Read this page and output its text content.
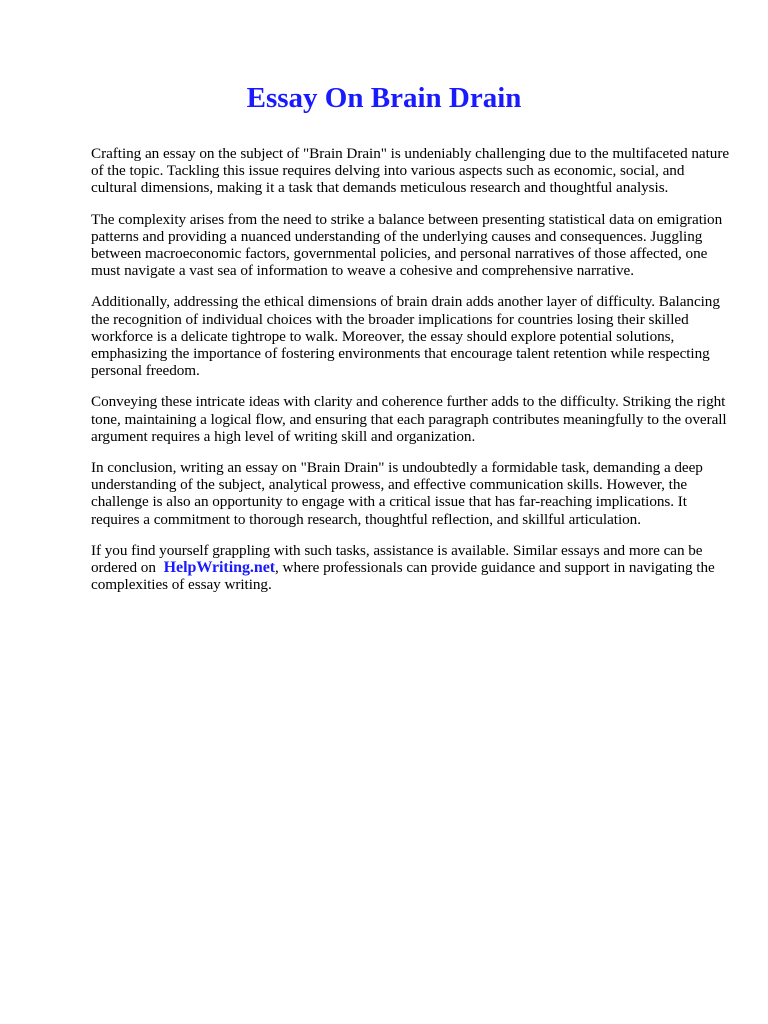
Essay On Brain Drain

Crafting an essay on the subject of "Brain Drain" is undeniably challenging due to the multifaceted nature of the topic. Tackling this issue requires delving into various aspects such as economic, social, and cultural dimensions, making it a task that demands meticulous research and thoughtful analysis.

The complexity arises from the need to strike a balance between presenting statistical data on emigration patterns and providing a nuanced understanding of the underlying causes and consequences. Juggling between macroeconomic factors, governmental policies, and personal narratives of those affected, one must navigate a vast sea of information to weave a cohesive and comprehensive narrative.

Additionally, addressing the ethical dimensions of brain drain adds another layer of difficulty. Balancing the recognition of individual choices with the broader implications for countries losing their skilled workforce is a delicate tightrope to walk. Moreover, the essay should explore potential solutions, emphasizing the importance of fostering environments that encourage talent retention while respecting personal freedom.

Conveying these intricate ideas with clarity and coherence further adds to the difficulty. Striking the right tone, maintaining a logical flow, and ensuring that each paragraph contributes meaningfully to the overall argument requires a high level of writing skill and organization.

In conclusion, writing an essay on "Brain Drain" is undoubtedly a formidable task, demanding a deep understanding of the subject, analytical prowess, and effective communication skills. However, the challenge is also an opportunity to engage with a critical issue that has far-reaching implications. It requires a commitment to thorough research, thoughtful reflection, and skillful articulation.

If you find yourself grappling with such tasks, assistance is available. Similar essays and more can be ordered on HelpWriting.net, where professionals can provide guidance and support in navigating the complexities of essay writing.
